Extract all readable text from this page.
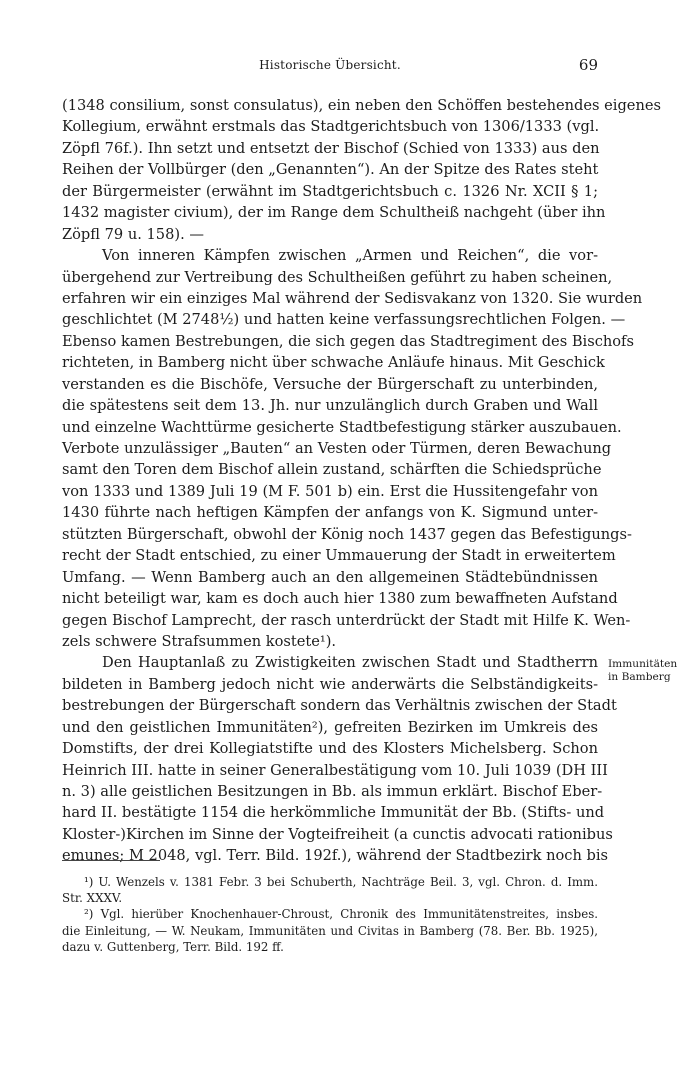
Historische Übersicht.	69
(1348 consilium, sonst consulatus), ein neben den Schöffen bestehendes eigenes
Kollegium, erwähnt erstmals das Stadtgerichtsbuch von 1306/1333 (vgl.
Zöpfl 76f.). Ihn setzt und entsetzt der Bischof (Schied von 1333) aus den
Reihen der Vollbürger (den „Genannten“). An der Spitze des Rates steht
der Bürgermeister (erwähnt im Stadtgerichtsbuch c. 1326 Nr. XCII § 1;
1432 magister civium), der im Range dem Schultheiß nachgeht (über ihn
Zöpfl 79 u. 158). —
Von inneren Kämpfen zwischen „Armen und Reichen“, die vor-
übergehend zur Vertreibung des Schultheißen geführt zu haben scheinen,
erfahren wir ein einziges Mal während der Sedisvakanz von 1320. Sie wurden
geschlichtet (M 2748½) und hatten keine verfassungsrechtlichen Folgen. —
Ebenso kamen Bestrebungen, die sich gegen das Stadtregiment des Bischofs
richteten, in Bamberg nicht über schwache Anläufe hinaus. Mit Geschick
verstanden es die Bischöfe, Versuche der Bürgerschaft zu unterbinden,
die spätestens seit dem 13. Jh. nur unzulänglich durch Graben und Wall
und einzelne Wachttürme gesicherte Stadtbefestigung stärker auszubauen.
Verbote unzulässiger „Bauten“ an Vesten oder Türmen, deren Bewachung
samt den Toren dem Bischof allein zustand, schärften die Schiedsprüche
von 1333 und 1389 Juli 19 (M F. 501 b) ein. Erst die Hussitengefahr von
1430 führte nach heftigen Kämpfen der anfangs von K. Sigmund unter-
stützten Bürgerschaft, obwohl der König noch 1437 gegen das Befestigungs-
recht der Stadt entschied, zu einer Ummauerung der Stadt in erweitertem
Umfang. — Wenn Bamberg auch an den allgemeinen Städtebündnissen
nicht beteiligt war, kam es doch auch hier 1380 zum bewaffneten Aufstand
gegen Bischof Lamprecht, der rasch unterdrückt der Stadt mit Hilfe K. Wen-
zels schwere Strafsummen kostete¹).
Den Hauptanlaß zu Zwistigkeiten zwischen Stadt und Stadtherrn
bildeten in Bamberg jedoch nicht wie anderwärts die Selbständigkeits-
bestrebungen der Bürgerschaft sondern das Verhältnis zwischen der Stadt
und den geistlichen Immunitäten²), gefreiten Bezirken im Umkreis des
Domstifts, der drei Kollegiatstifte und des Klosters Michelsberg. Schon
Heinrich III. hatte in seiner Generalbestätigung vom 10. Juli 1039 (DH III
n. 3) alle geistlichen Besitzungen in Bb. als immun erklärt. Bischof Eber-
hard II. bestätigte 1154 die herkömmliche Immunität der Bb. (Stifts- und
Kloster-)Kirchen im Sinne der Vogteifreiheit (a cunctis advocati rationibus
emunes; M 2048, vgl. Terr. Bild. 192f.), während der Stadtbezirk noch bis
Immunitäten
in Bamberg
¹) U. Wenzels v. 1381 Febr. 3 bei Schuberth, Nachträge Beil. 3, vgl. Chron. d. Imm.
Str. XXXV.
²) Vgl. hierüber Knochenhauer-Chroust, Chronik des Immunitätenstreites, insbes.
die Einleitung, — W. Neukam, Immunitäten und Civitas in Bamberg (78. Ber. Bb. 1925),
dazu v. Guttenberg, Terr. Bild. 192 ff.
